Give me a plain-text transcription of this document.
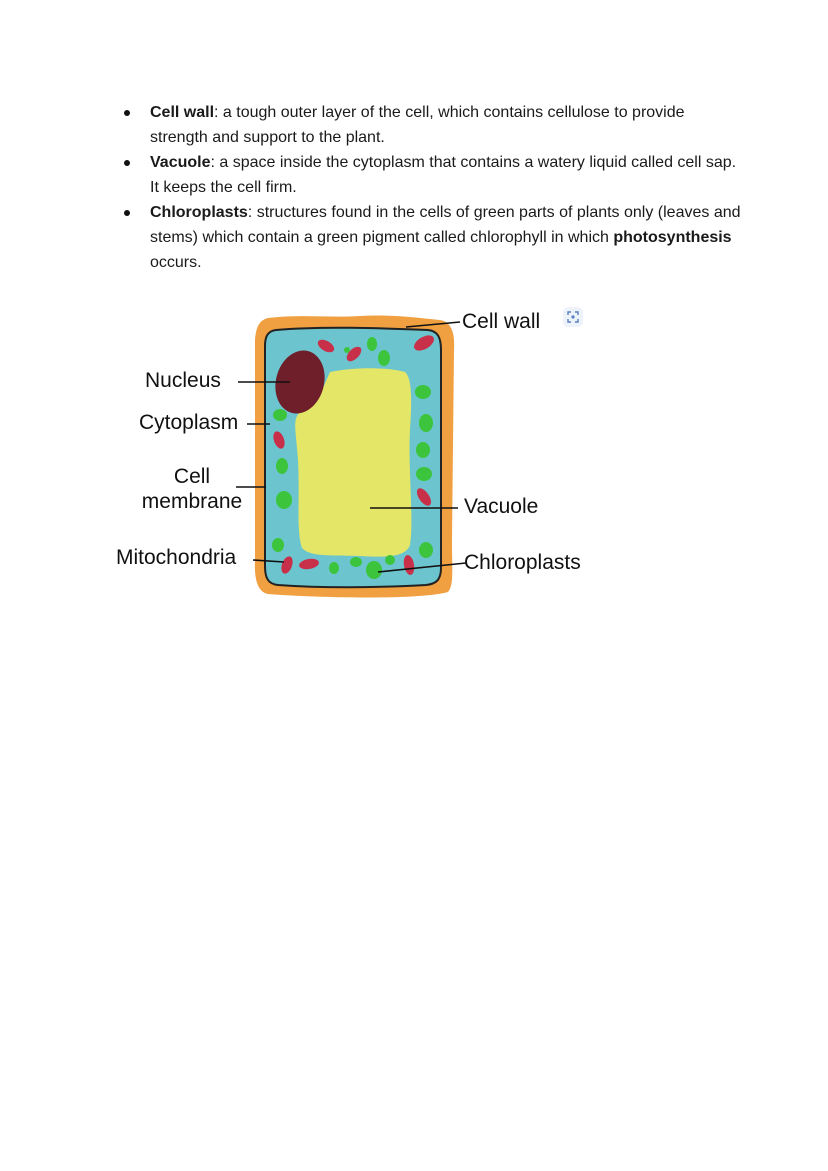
Cell wall: a tough outer layer of the cell, which contains cellulose to provide strength and support to the plant.
Vacuole: a space inside the cytoplasm that contains a watery liquid called cell sap. It keeps the cell firm.
Chloroplasts: structures found in the cells of green parts of plants only (leaves and stems) which contain a green pigment called chlorophyll in which photosynthesis occurs.
Cell wall
Nucleus
Cytoplasm
Cell
membrane	Vacuole
Mitochondria	Chloroplasts
